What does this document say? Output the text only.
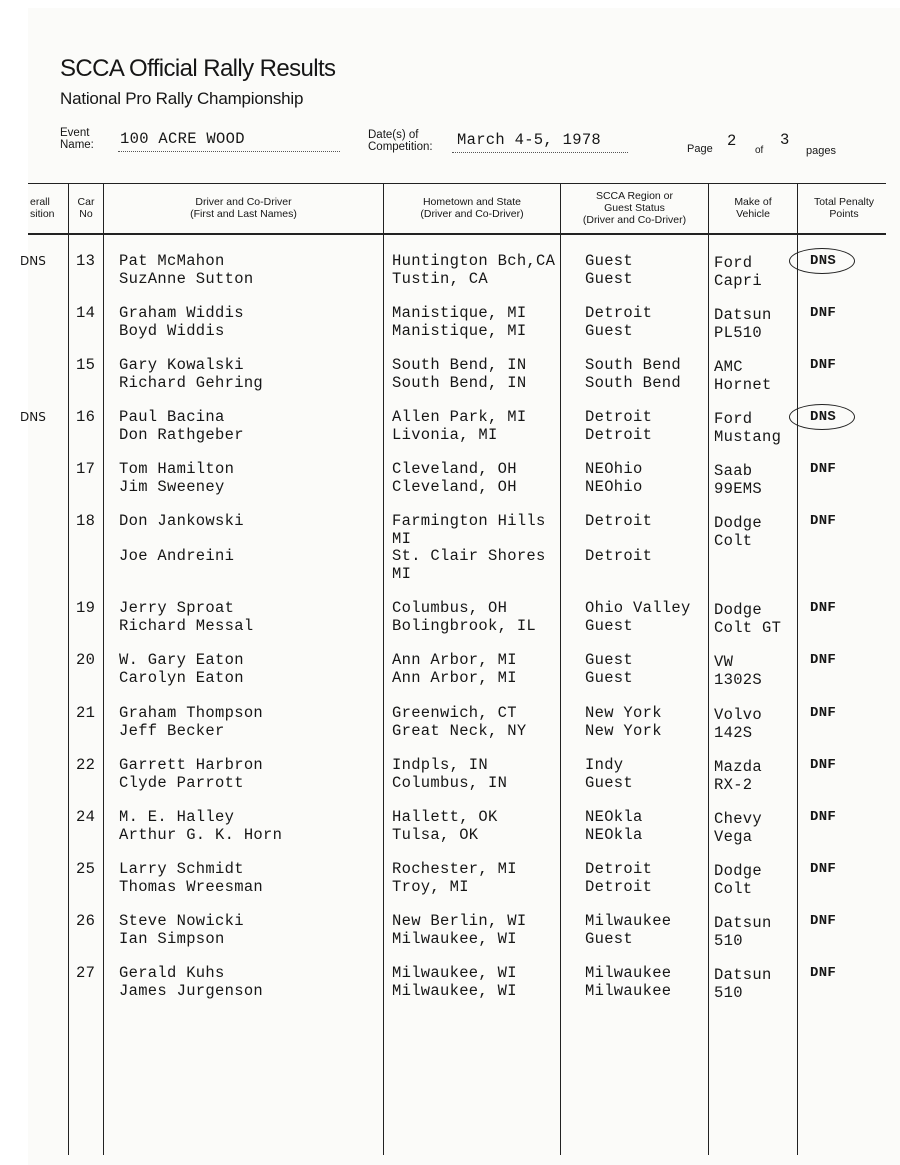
SCCA Official Rally Results
National Pro Rally Championship
Event
Name: 100 ACRE WOOD	Date(s) of
Competition: March 4-5, 1978	Page 2
of
3
pages
erall
sition
Car
No
Driver and Co-Driver
(First and Last Names)
Hometown and State
(Driver and Co-Driver)
SCCA Region or
Guest Status
(Driver and Co-Driver)
Make of
Vehicle
Total Penalty
Points
DNS 13 Pat McMahon
SuzAnne Sutton
Huntington Bch,CA
Tustin, CA
Guest
Guest
Ford
Capri
DNS
14 Graham Widdis
Boyd Widdis
Manistique, MI
Manistique, MI
Detroit
Guest
Datsun
PL510
DNF
15 Gary Kowalski
Richard Gehring
South Bend, IN
South Bend, IN
South Bend
South Bend
AMC
Hornet
DNF
DNS 16 Paul Bacina
Don Rathgeber
Allen Park, MI
Livonia, MI
Detroit
Detroit
Ford
Mustang
DNS
17 Tom Hamilton
Jim Sweeney
Cleveland, OH
Cleveland, OH
NEOhio
NEOhio
Saab
99EMS
DNF
18 Don Jankowski
Joe Andreini
Farmington Hills MI
St. Clair Shores MI
Detroit
Detroit
Dodge
Colt
DNF
19 Jerry Sproat
Richard Messal
Columbus, OH
Bolingbrook, IL
Ohio Valley
Guest
Dodge
Colt GT
DNF
20 W. Gary Eaton
Carolyn Eaton
Ann Arbor, MI
Ann Arbor, MI
Guest
Guest
VW
1302S
DNF
21 Graham Thompson
Jeff Becker
Greenwich, CT
Great Neck, NY
New York
New York
Volvo
142S
DNF
22 Garrett Harbron
Clyde Parrott
Indpls, IN
Columbus, IN
Indy
Guest
Mazda
RX-2
DNF
24 M. E. Halley
Arthur G. K. Horn
Hallett, OK
Tulsa, OK
NEOkla
NEOkla
Chevy
Vega
DNF
25 Larry Schmidt
Thomas Wreesman
Rochester, MI
Troy, MI
Detroit
Detroit
Dodge
Colt
DNF
26 Steve Nowicki
Ian Simpson
New Berlin, WI
Milwaukee, WI
Milwaukee
Guest
Datsun
510
DNF
27 Gerald Kuhs
James Jurgenson
Milwaukee, WI
Milwaukee, WI
Milwaukee
Milwaukee
Datsun
510
DNF
